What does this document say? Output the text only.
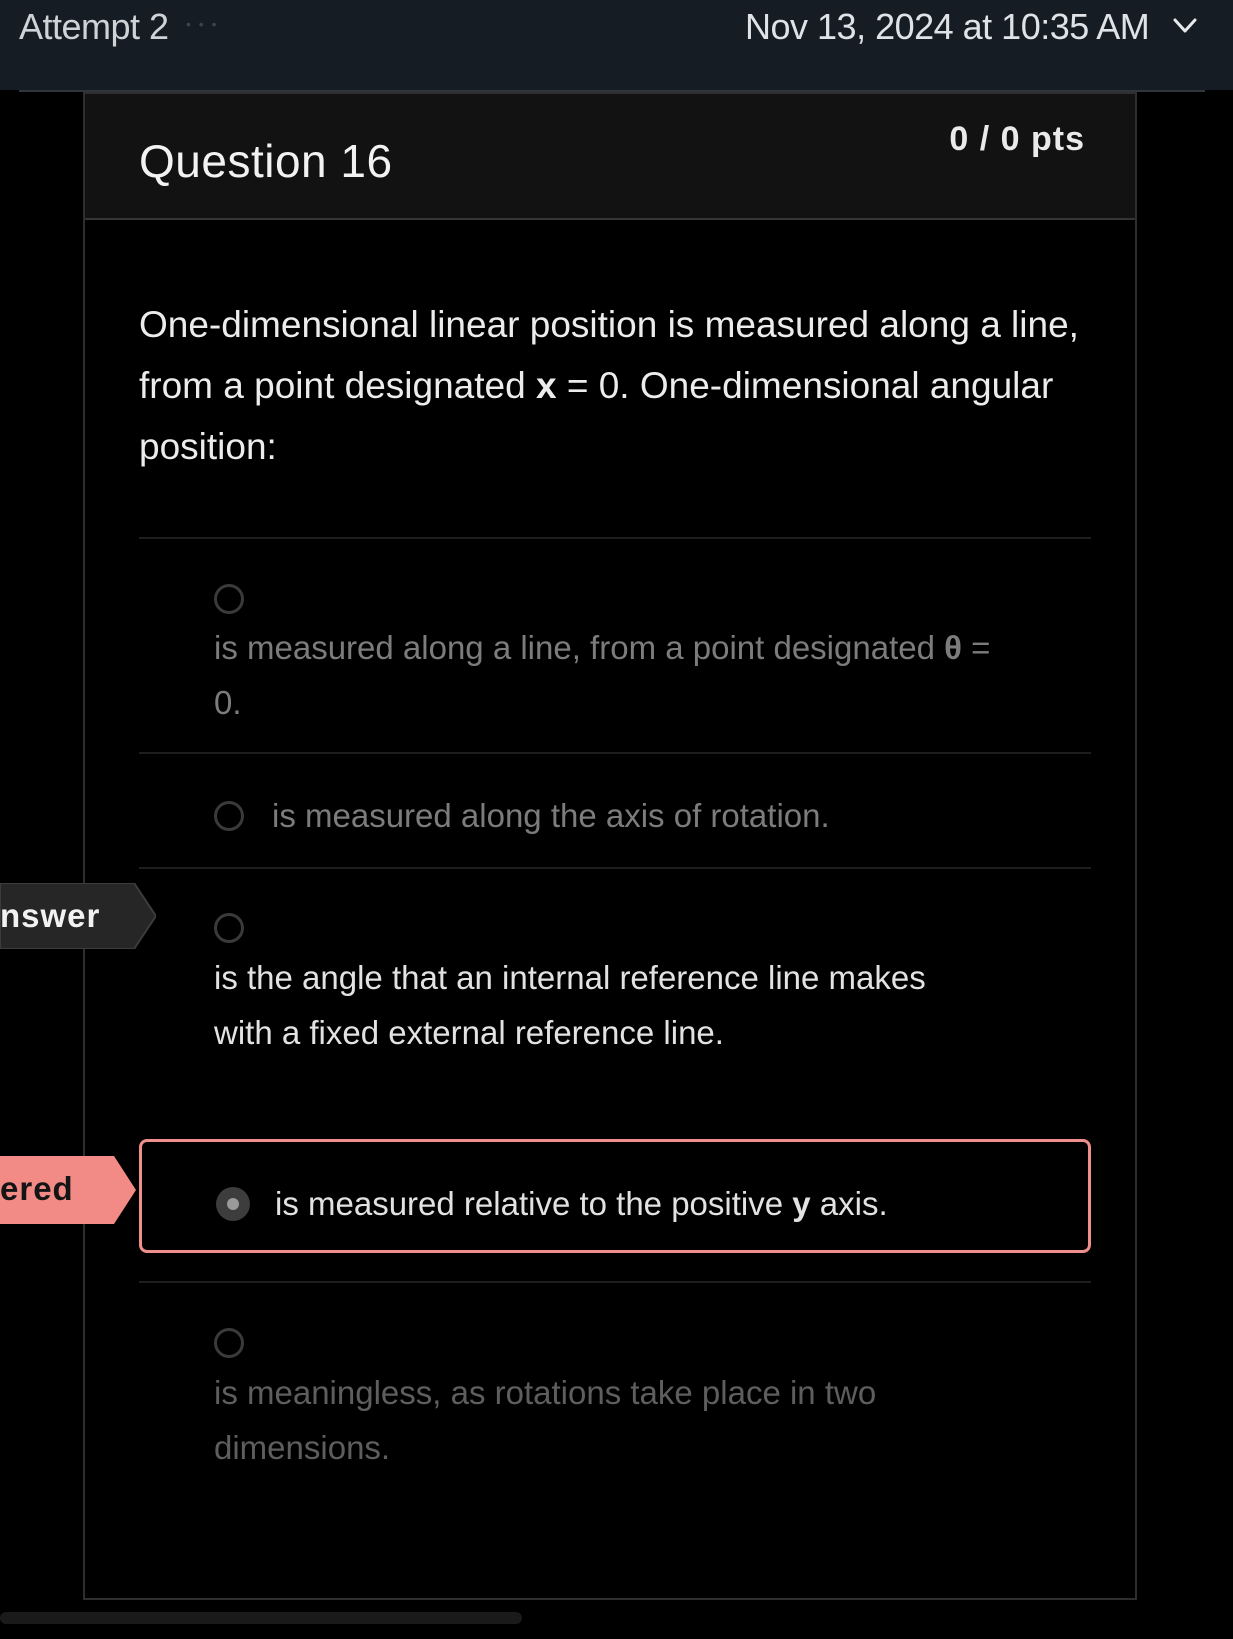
Attempt 2 • • •	Nov 13, 2024 at 10:35 AM
Question 16	0 / 0 pts
One-dimensional linear position is measured along a line, from a point designated x = 0. One-dimensional angular position:
is measured along a line, from a point designated θ = 0.
is measured along the axis of rotation.
is the angle that an internal reference line makes with a fixed external reference line.
is measured relative to the positive y axis.
is meaningless, as rotations take place in two dimensions.
nswer
ered
